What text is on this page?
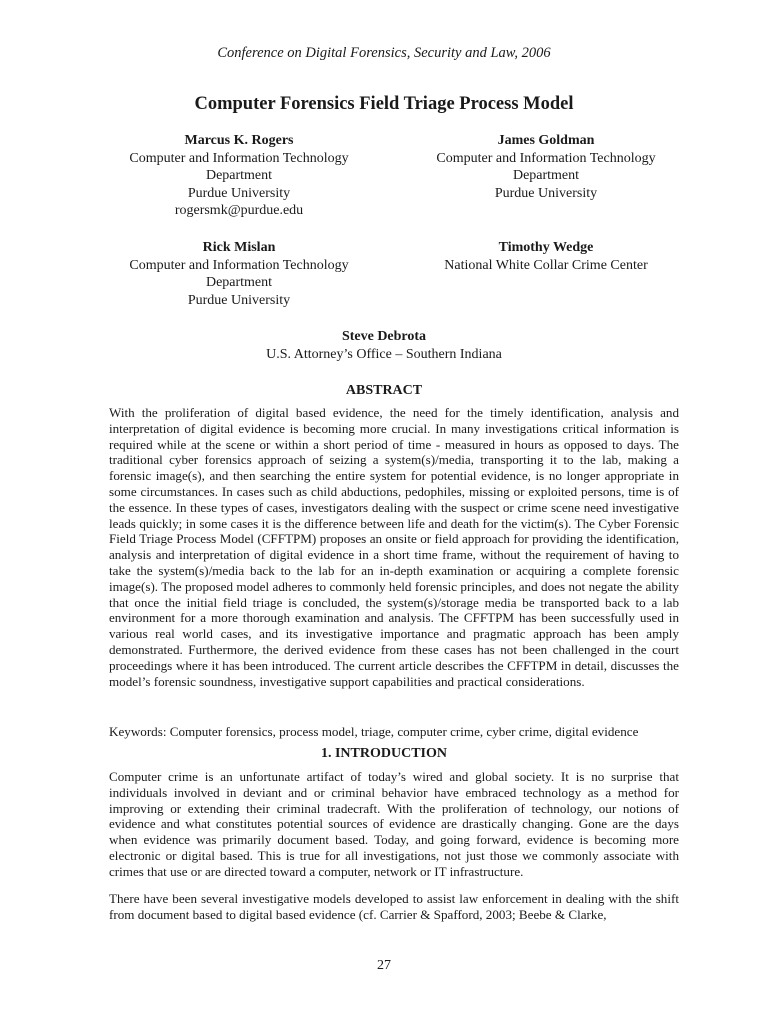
Conference on Digital Forensics, Security and Law, 2006
Computer Forensics Field Triage Process Model
Marcus K. Rogers
Computer and Information Technology
Department
Purdue University
rogersmk@purdue.edu
James Goldman
Computer and Information Technology
Department
Purdue University
Rick Mislan
Computer and Information Technology
Department
Purdue University
Timothy Wedge
National White Collar Crime Center
Steve Debrota
U.S. Attorney’s Office – Southern Indiana
ABSTRACT

With the proliferation of digital based evidence, the need for the timely identification, analysis and interpretation of digital evidence is becoming more crucial. In many investigations critical information is required while at the scene or within a short period of time - measured in hours as opposed to days. The traditional cyber forensics approach of seizing a system(s)/media, transporting it to the lab, making a forensic image(s), and then searching the entire system for potential evidence, is no longer appropriate in some circumstances. In cases such as child abductions, pedophiles, missing or exploited persons, time is of the essence. In these types of cases, investigators dealing with the suspect or crime scene need investigative leads quickly; in some cases it is the difference between life and death for the victim(s). The Cyber Forensic Field Triage Process Model (CFFTPM) proposes an onsite or field approach for providing the identification, analysis and interpretation of digital evidence in a short time frame, without the requirement of having to take the system(s)/media back to the lab for an in-depth examination or acquiring a complete forensic image(s). The proposed model adheres to commonly held forensic principles, and does not negate the ability that once the initial field triage is concluded, the system(s)/storage media be transported back to a lab environment for a more thorough examination and analysis. The CFFTPM has been successfully used in various real world cases, and its investigative importance and pragmatic approach has been amply demonstrated. Furthermore, the derived evidence from these cases has not been challenged in the court proceedings where it has been introduced. The current article describes the CFFTPM in detail, discusses the model’s forensic soundness, investigative support capabilities and practical considerations.

Keywords: Computer forensics, process model, triage, computer crime, cyber crime, digital evidence

1. INTRODUCTION

Computer crime is an unfortunate artifact of today’s wired and global society. It is no surprise that individuals involved in deviant and or criminal behavior have embraced technology as a method for improving or extending their criminal tradecraft. With the proliferation of technology, our notions of evidence and what constitutes potential sources of evidence are drastically changing. Gone are the days when evidence was primarily document based. Today, and going forward, evidence is becoming more electronic or digital based. This is true for all investigations, not just those we commonly associate with crimes that use or are directed toward a computer, network or IT infrastructure.

There have been several investigative models developed to assist law enforcement in dealing with the shift from document based to digital based evidence (cf. Carrier & Spafford, 2003; Beebe & Clarke,

27
